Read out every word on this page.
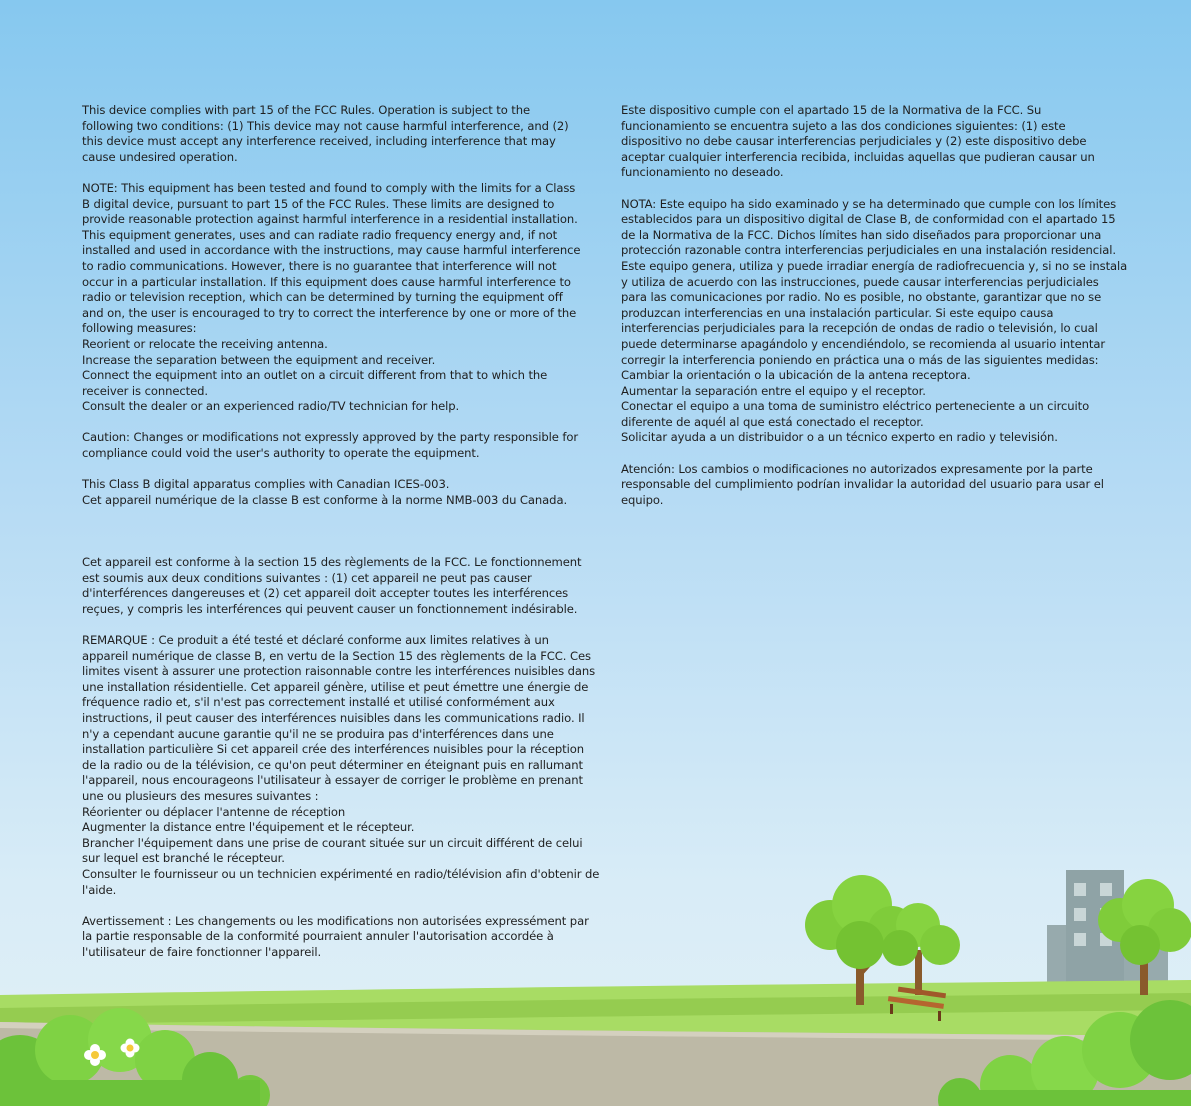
This device complies with part 15 of the FCC Rules. Operation is subject to the
following two conditions: (1) This device may not cause harmful interference, and (2)
this device must accept any interference received, including interference that may
cause undesired operation.

NOTE: This equipment has been tested and found to comply with the limits for a Class
B digital device, pursuant to part 15 of the FCC Rules. These limits are designed to
provide reasonable protection against harmful interference in a residential installation.
This equipment generates, uses and can radiate radio frequency energy and, if not
installed and used in accordance with the instructions, may cause harmful interference
to radio communications. However, there is no guarantee that interference will not
occur in a particular installation. If this equipment does cause harmful interference to
radio or television reception, which can be determined by turning the equipment off
and on, the user is encouraged to try to correct the interference by one or more of the
following measures:
Reorient or relocate the receiving antenna.
Increase the separation between the equipment and receiver.
Connect the equipment into an outlet on a circuit different from that to which the
receiver is connected.
Consult the dealer or an experienced radio/TV technician for help.

Caution: Changes or modifications not expressly approved by the party responsible for
compliance could void the user's authority to operate the equipment.

This Class B digital apparatus complies with Canadian ICES-003.
Cet appareil numérique de la classe B est conforme à la norme NMB-003 du Canada.

Cet appareil est conforme à la section 15 des règlements de la FCC. Le fonctionnement
est soumis aux deux conditions suivantes : (1) cet appareil ne peut pas causer
d'interférences dangereuses et (2) cet appareil doit accepter toutes les interférences
reçues, y compris les interférences qui peuvent causer un fonctionnement indésirable.

REMARQUE : Ce produit a été testé et déclaré conforme aux limites relatives à un
appareil numérique de classe B, en vertu de la Section 15 des règlements de la FCC. Ces
limites visent à assurer une protection raisonnable contre les interférences nuisibles dans
une installation résidentielle. Cet appareil génère, utilise et peut émettre une énergie de
fréquence radio et, s'il n'est pas correctement installé et utilisé conformément aux
instructions, il peut causer des interférences nuisibles dans les communications radio. Il
n'y a cependant aucune garantie qu'il ne se produira pas d'interférences dans une
installation particulière Si cet appareil crée des interférences nuisibles pour la réception
de la radio ou de la télévision, ce qu'on peut déterminer en éteignant puis en rallumant
l'appareil, nous encourageons l'utilisateur à essayer de corriger le problème en prenant
une ou plusieurs des mesures suivantes :
Réorienter ou déplacer l'antenne de réception
Augmenter la distance entre l'équipement et le récepteur.
Brancher l'équipement dans une prise de courant située sur un circuit différent de celui
sur lequel est branché le récepteur.
Consulter le fournisseur ou un technicien expérimenté en radio/télévision afin d'obtenir de
l'aide.

Avertissement : Les changements ou les modifications non autorisées expressément par
la partie responsable de la conformité pourraient annuler l'autorisation accordée à
l'utilisateur de faire fonctionner l'appareil.

Este dispositivo cumple con el apartado 15 de la Normativa de la FCC. Su
funcionamiento se encuentra sujeto a las dos condiciones siguientes: (1) este
dispositivo no debe causar interferencias perjudiciales y (2) este dispositivo debe
aceptar cualquier interferencia recibida, incluidas aquellas que pudieran causar un
funcionamiento no deseado.

NOTA: Este equipo ha sido examinado y se ha determinado que cumple con los límites
establecidos para un dispositivo digital de Clase B, de conformidad con el apartado 15
de la Normativa de la FCC. Dichos límites han sido diseñados para proporcionar una
protección razonable contra interferencias perjudiciales en una instalación residencial.
Este equipo genera, utiliza y puede irradiar energía de radiofrecuencia y, si no se instala
y utiliza de acuerdo con las instrucciones, puede causar interferencias perjudiciales
para las comunicaciones por radio. No es posible, no obstante, garantizar que no se
produzcan interferencias en una instalación particular. Si este equipo causa
interferencias perjudiciales para la recepción de ondas de radio o televisión, lo cual
puede determinarse apagándolo y encendiéndolo, se recomienda al usuario intentar
corregir la interferencia poniendo en práctica una o más de las siguientes medidas:
Cambiar la orientación o la ubicación de la antena receptora.
Aumentar la separación entre el equipo y el receptor.
Conectar el equipo a una toma de suministro eléctrico perteneciente a un circuito
diferente de aquél al que está conectado el receptor.
Solicitar ayuda a un distribuidor o a un técnico experto en radio y televisión.

Atención: Los cambios o modificaciones no autorizados expresamente por la parte
responsable del cumplimiento podrían invalidar la autoridad del usuario para usar el
equipo.
